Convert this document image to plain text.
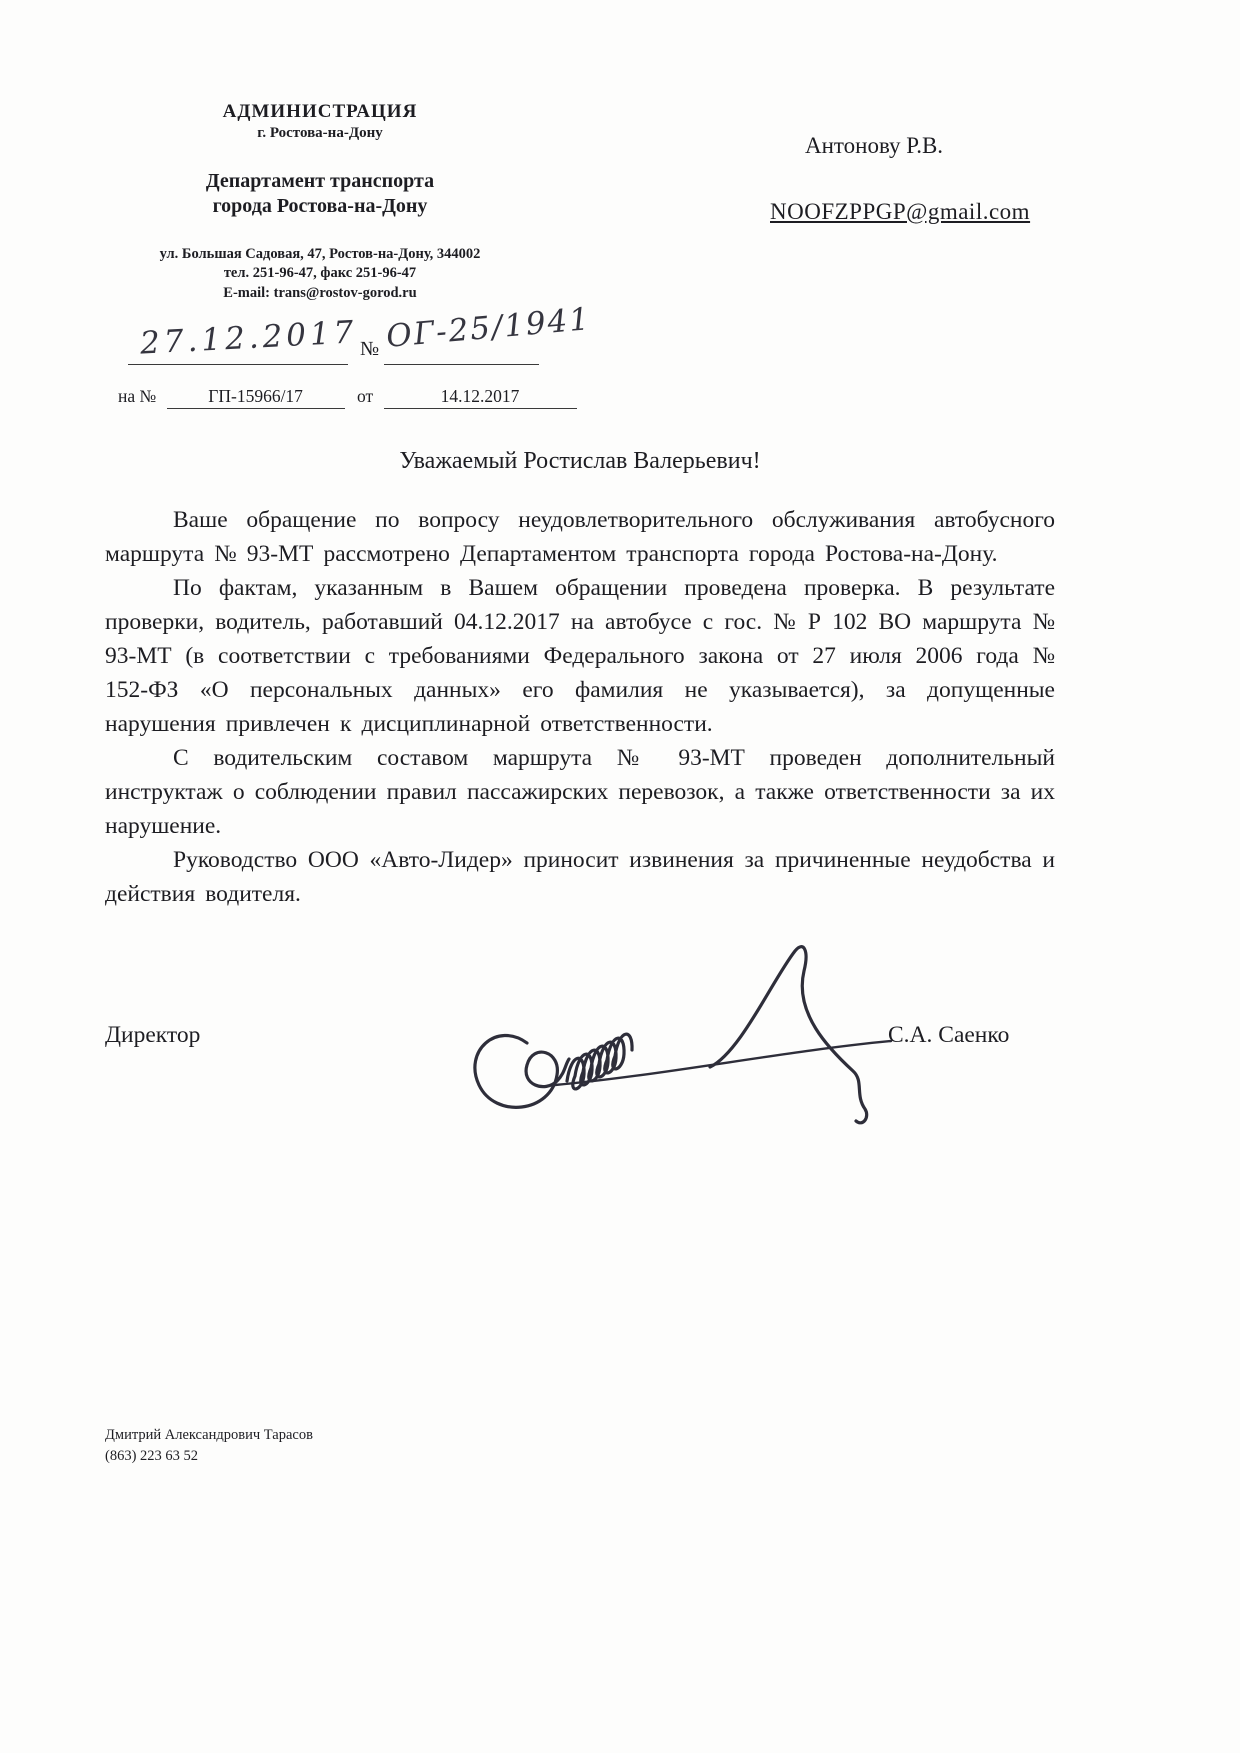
АДМИНИСТРАЦИЯ
г. Ростова-на-Дону
Департамент транспорта
города Ростова-на-Дону
ул. Большая Садовая, 47, Ростов-на-Дону, 344002
тел. 251-96-47, факс 251-96-47
E-mail: trans@rostov-gorod.ru
Антонову Р.В.
NOOFZPPGP@gmail.com
27.12.2017 № ОГ-25/1941
на №	ГП-15966/17	от	14.12.2017
Уважаемый Ростислав Валерьевич!

Ваше обращение по вопросу неудовлетворительного обслуживания автобусного маршрута № 93-МТ рассмотрено Департаментом транспорта города Ростова-на-Дону.

По фактам, указанным в Вашем обращении проведена проверка. В результате проверки, водитель, работавший 04.12.2017 на автобусе с гос. № Р 102 ВО маршрута № 93-МТ (в соответствии с требованиями Федерального закона от 27 июля 2006 года № 152-ФЗ «О персональных данных» его фамилия не указывается), за допущенные нарушения привлечен к дисциплинарной ответственности.

С водительским составом маршрута № 93-МТ проведен дополнительный инструктаж о соблюдении правил пассажирских перевозок, а также ответственности за их нарушение.

Руководство ООО «Авто-Лидер» приносит извинения за причиненные неудобства и действия водителя.

Директор	С.А. Саенко
Дмитрий Александрович Тарасов
(863) 223 63 52
